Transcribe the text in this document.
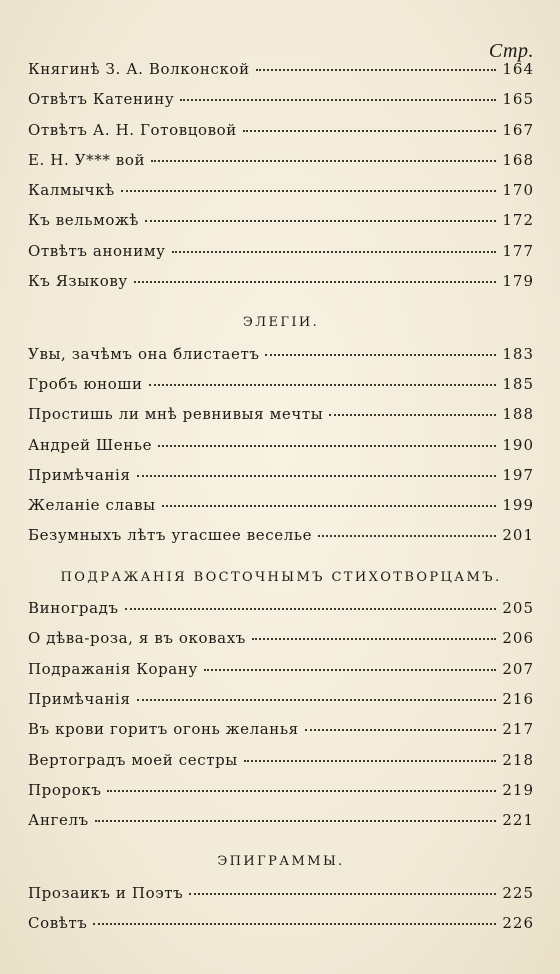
Стр.
Княгинѣ З. А. Волконской	164
Отвѣтъ Катенину	165
Отвѣтъ А. Н. Готовцовой	167
Е. Н. У*** вой	168
Калмычкѣ	170
Къ вельможѣ	172
Отвѣтъ анониму	177
Къ Языкову	179
ЭЛЕГІИ.
Увы, зачѣмъ она блистаетъ	183
Гробъ юноши	185
Простишь ли мнѣ ревнивыя мечты	188
Андрей Шенье	190
Примѣчанія	197
Желаніе славы	199
Безумныхъ лѣтъ угасшее веселье	201
ПОДРАЖАНІЯ ВОСТОЧНЫМЪ СТИХОТВОРЦАМЪ.
Виноградъ	205
О дѣва-роза, я въ оковахъ	206
Подражанія Корану	207
Примѣчанія	216
Въ крови горитъ огонь желанья	217
Вертоградъ моей сестры	218
Пророкъ	219
Ангелъ	221
ЭПИГРАММЫ.
Прозаикъ и Поэтъ	225
Совѣтъ	226
